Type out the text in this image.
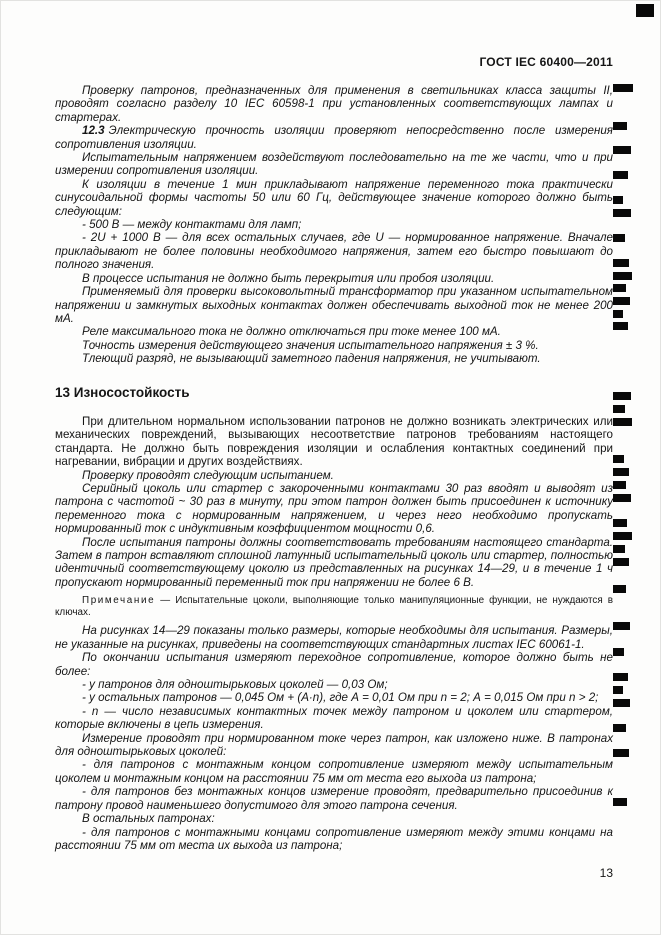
ГОСТ IEC 60400—2011

Проверку патронов, предназначенных для применения в светильниках класса защиты II, проводят согласно разделу 10 IEC 60598-1 при установленных соответствующих лампах и стартерах.

12.3 Электрическую прочность изоляции проверяют непосредственно после измерения сопротивления изоляции.

Испытательным напряжением воздействуют последовательно на те же части, что и при измерении сопротивления изоляции.

К изоляции в течение 1 мин прикладывают напряжение переменного тока практически синусоидальной формы частоты 50 или 60 Гц, действующее значение которого должно быть следующим:

- 500 В — между контактами для ламп;

- 2U + 1000 В — для всех остальных случаев, где U — нормированное напряжение. Вначале прикладывают не более половины необходимого напряжения, затем его быстро повышают до полного значения.

В процессе испытания не должно быть перекрытия или пробоя изоляции.

Применяемый для проверки высоковольтный трансформатор при указанном испытательном напряжении и замкнутых выходных контактах должен обеспечивать выходной ток не менее 200 мА.

Реле максимального тока не должно отключаться при токе менее 100 мА.

Точность измерения действующего значения испытательного напряжения ± 3 %.

Тлеющий разряд, не вызывающий заметного падения напряжения, не учитывают.

13 Износостойкость

При длительном нормальном использовании патронов не должно возникать электрических или механических повреждений, вызывающих несоответствие патронов требованиям настоящего стандарта. Не должно быть повреждения изоляции и ослабления контактных соединений при нагревании, вибрации и других воздействиях.

Проверку проводят следующим испытанием.

Серийный цоколь или стартер с закороченными контактами 30 раз вводят и выводят из патрона с частотой ~ 30 раз в минуту, при этом патрон должен быть присоединен к источнику переменного тока с нормированным напряжением, и через него необходимо пропускать нормированный ток с индуктивным коэффициентом мощности 0,6.

После испытания патроны должны соответствовать требованиям настоящего стандарта. Затем в патрон вставляют сплошной латунный испытательный цоколь или стартер, полностью идентичный соответствующему цоколю из представленных на рисунках 14—29, и в течение 1 ч пропускают нормированный переменный ток при напряжении не более 6 В.

Примечание — Испытательные цоколи, выполняющие только манипуляционные функции, не нуждаются в ключах.

На рисунках 14—29 показаны только размеры, которые необходимы для испытания. Размеры, не указанные на рисунках, приведены на соответствующих стандартных листах IEC 60061-1.

По окончании испытания измеряют переходное сопротивление, которое должно быть не более:

- у патронов для одноштырьковых цоколей — 0,03 Ом;

- у остальных патронов — 0,045 Ом + (А·n), где А = 0,01 Ом при n = 2; А = 0,015 Ом при n > 2;

- n — число независимых контактных точек между патроном и цоколем или стартером, которые включены в цепь измерения.

Измерение проводят при нормированном токе через патрон, как изложено ниже. В патронах для одноштырьковых цоколей:

- для патронов с монтажным концом сопротивление измеряют между испытательным цоколем и монтажным концом на расстоянии 75 мм от места его выхода из патрона;

- для патронов без монтажных концов измерение проводят, предварительно присоединив к патрону провод наименьшего допустимого для этого патрона сечения.

В остальных патронах:

- для патронов с монтажными концами сопротивление измеряют между этими концами на расстоянии 75 мм от места их выхода из патрона;

13
